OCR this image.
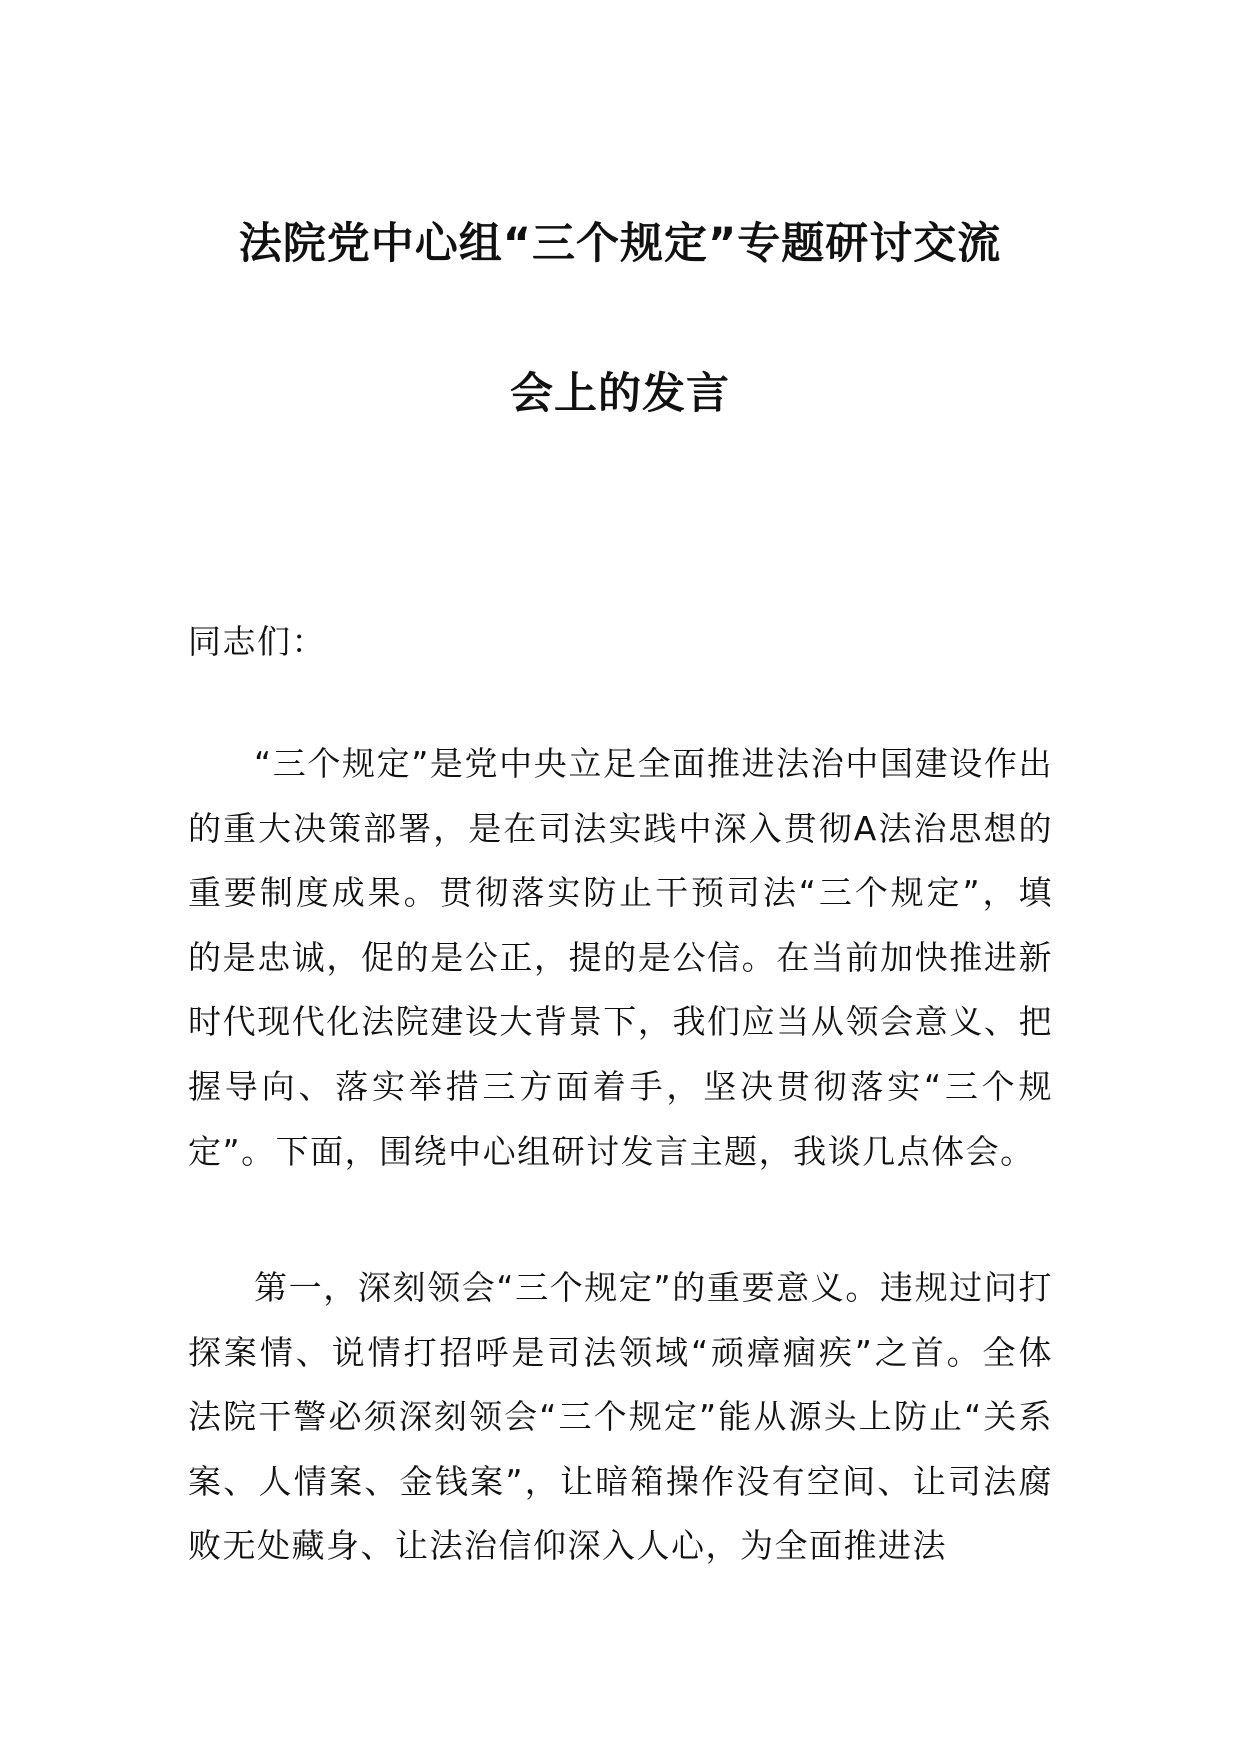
法院党中心组“三个规定”专题研讨交流
会上的发言

同志们：

“三个规定”是党中央立足全面推进法治中国建设作出的重大决策部署，是在司法实践中深入贯彻A法治思想的重要制度成果。贯彻落实防止干预司法“三个规定”，填的是忠诚，促的是公正，提的是公信。在当前加快推进新时代现代化法院建设大背景下，我们应当从领会意义、把握导向、落实举措三方面着手，坚决贯彻落实“三个规定”。下面，围绕中心组研讨发言主题，我谈几点体会。

第一，深刻领会“三个规定”的重要意义。违规过问打探案情、说情打招呼是司法领域“顽瘴痼疾”之首。全体法院干警必须深刻领会“三个规定”能从源头上防止“关系案、人情案、金钱案”，让暗箱操作没有空间、让司法腐败无处藏身、让法治信仰深入人心，为全面推进法
